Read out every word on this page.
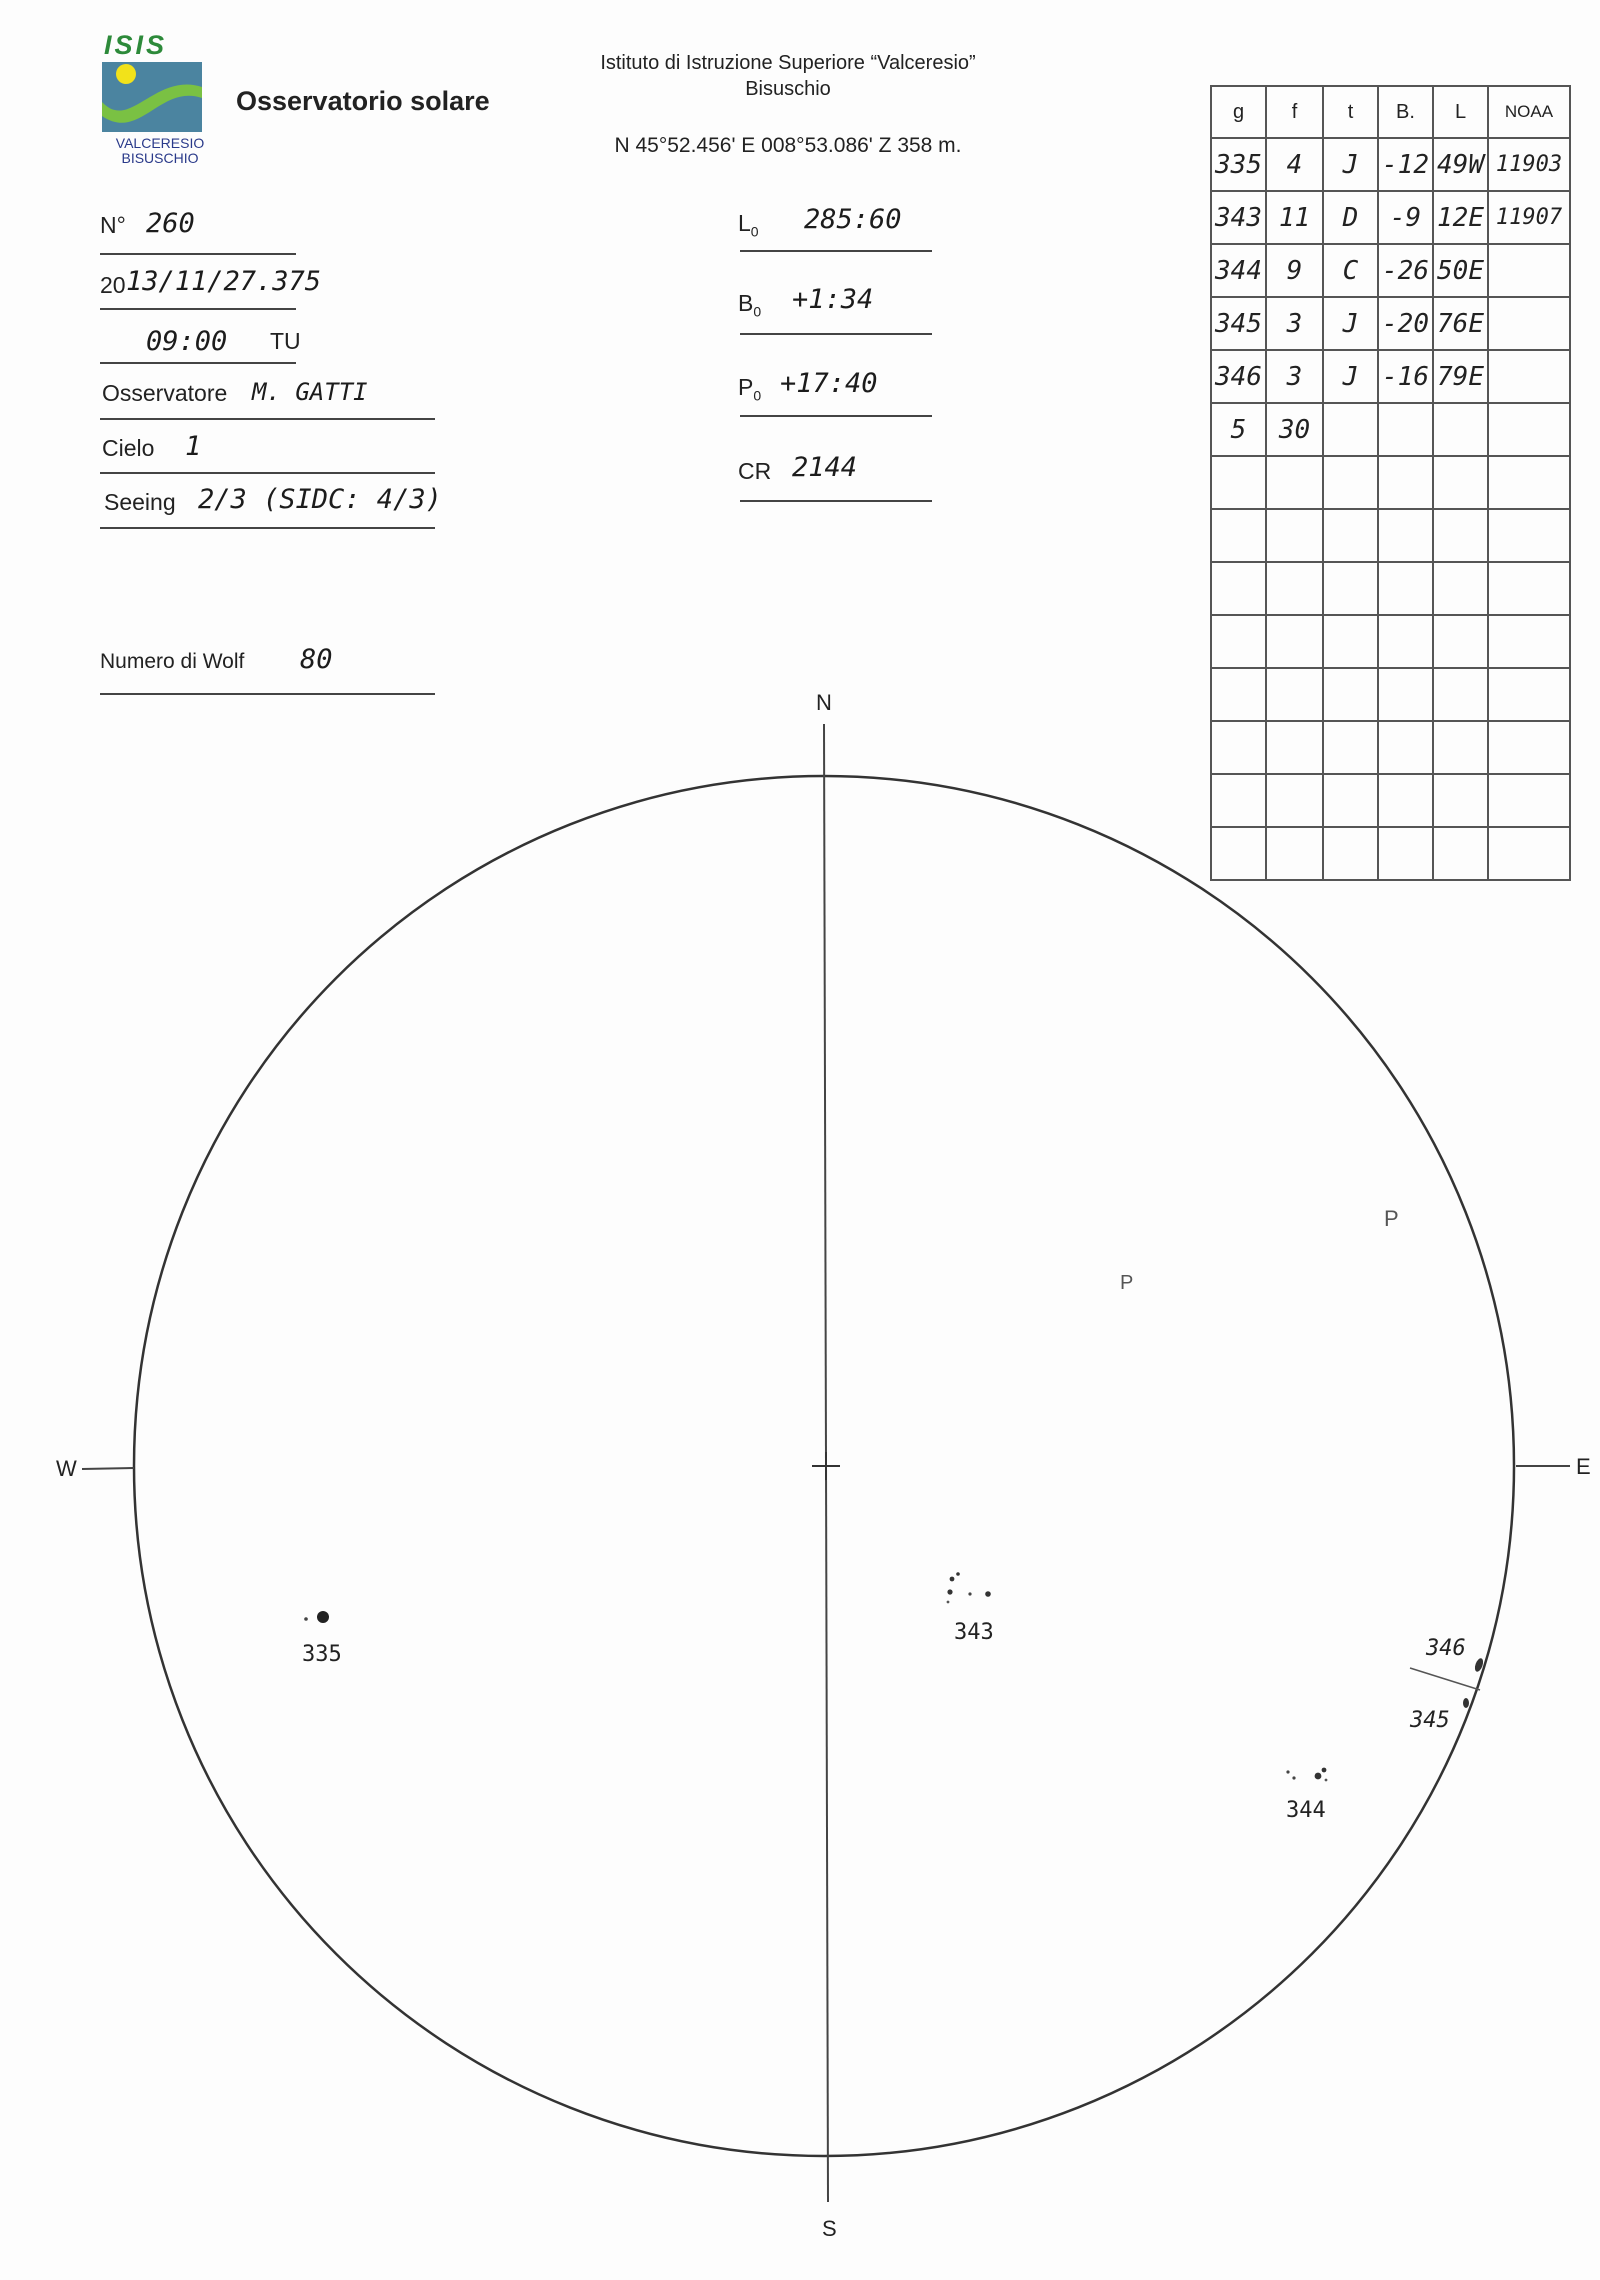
ISIS
VALCERESIO
BISUSCHIO
Osservatorio solare
Istituto di Istruzione Superiore “Valceresio”
Bisuschio
N 45°52.456' E 008°53.086' Z 358 m.
N° 260
20 13/11/27.375
09:00 TU
Osservatore M. GATTI
Cielo 1
Seeing 2/3 (SIDC: 4/3)
Numero di Wolf 80
$L_0$ 285:60
$B_0$ +1:34
$P_0$ +17:40
CR 2144
g	f	t	B.	L	NOAA
335	4	J	-12	49W	11903
343	11	D	-9	12E	11907
344	9	C	-26	50E	
345	3	J	-20	76E	
346	3	J	-16	79E	
5	30				

N
S
W	E
335
343
344
345
346
P
P
